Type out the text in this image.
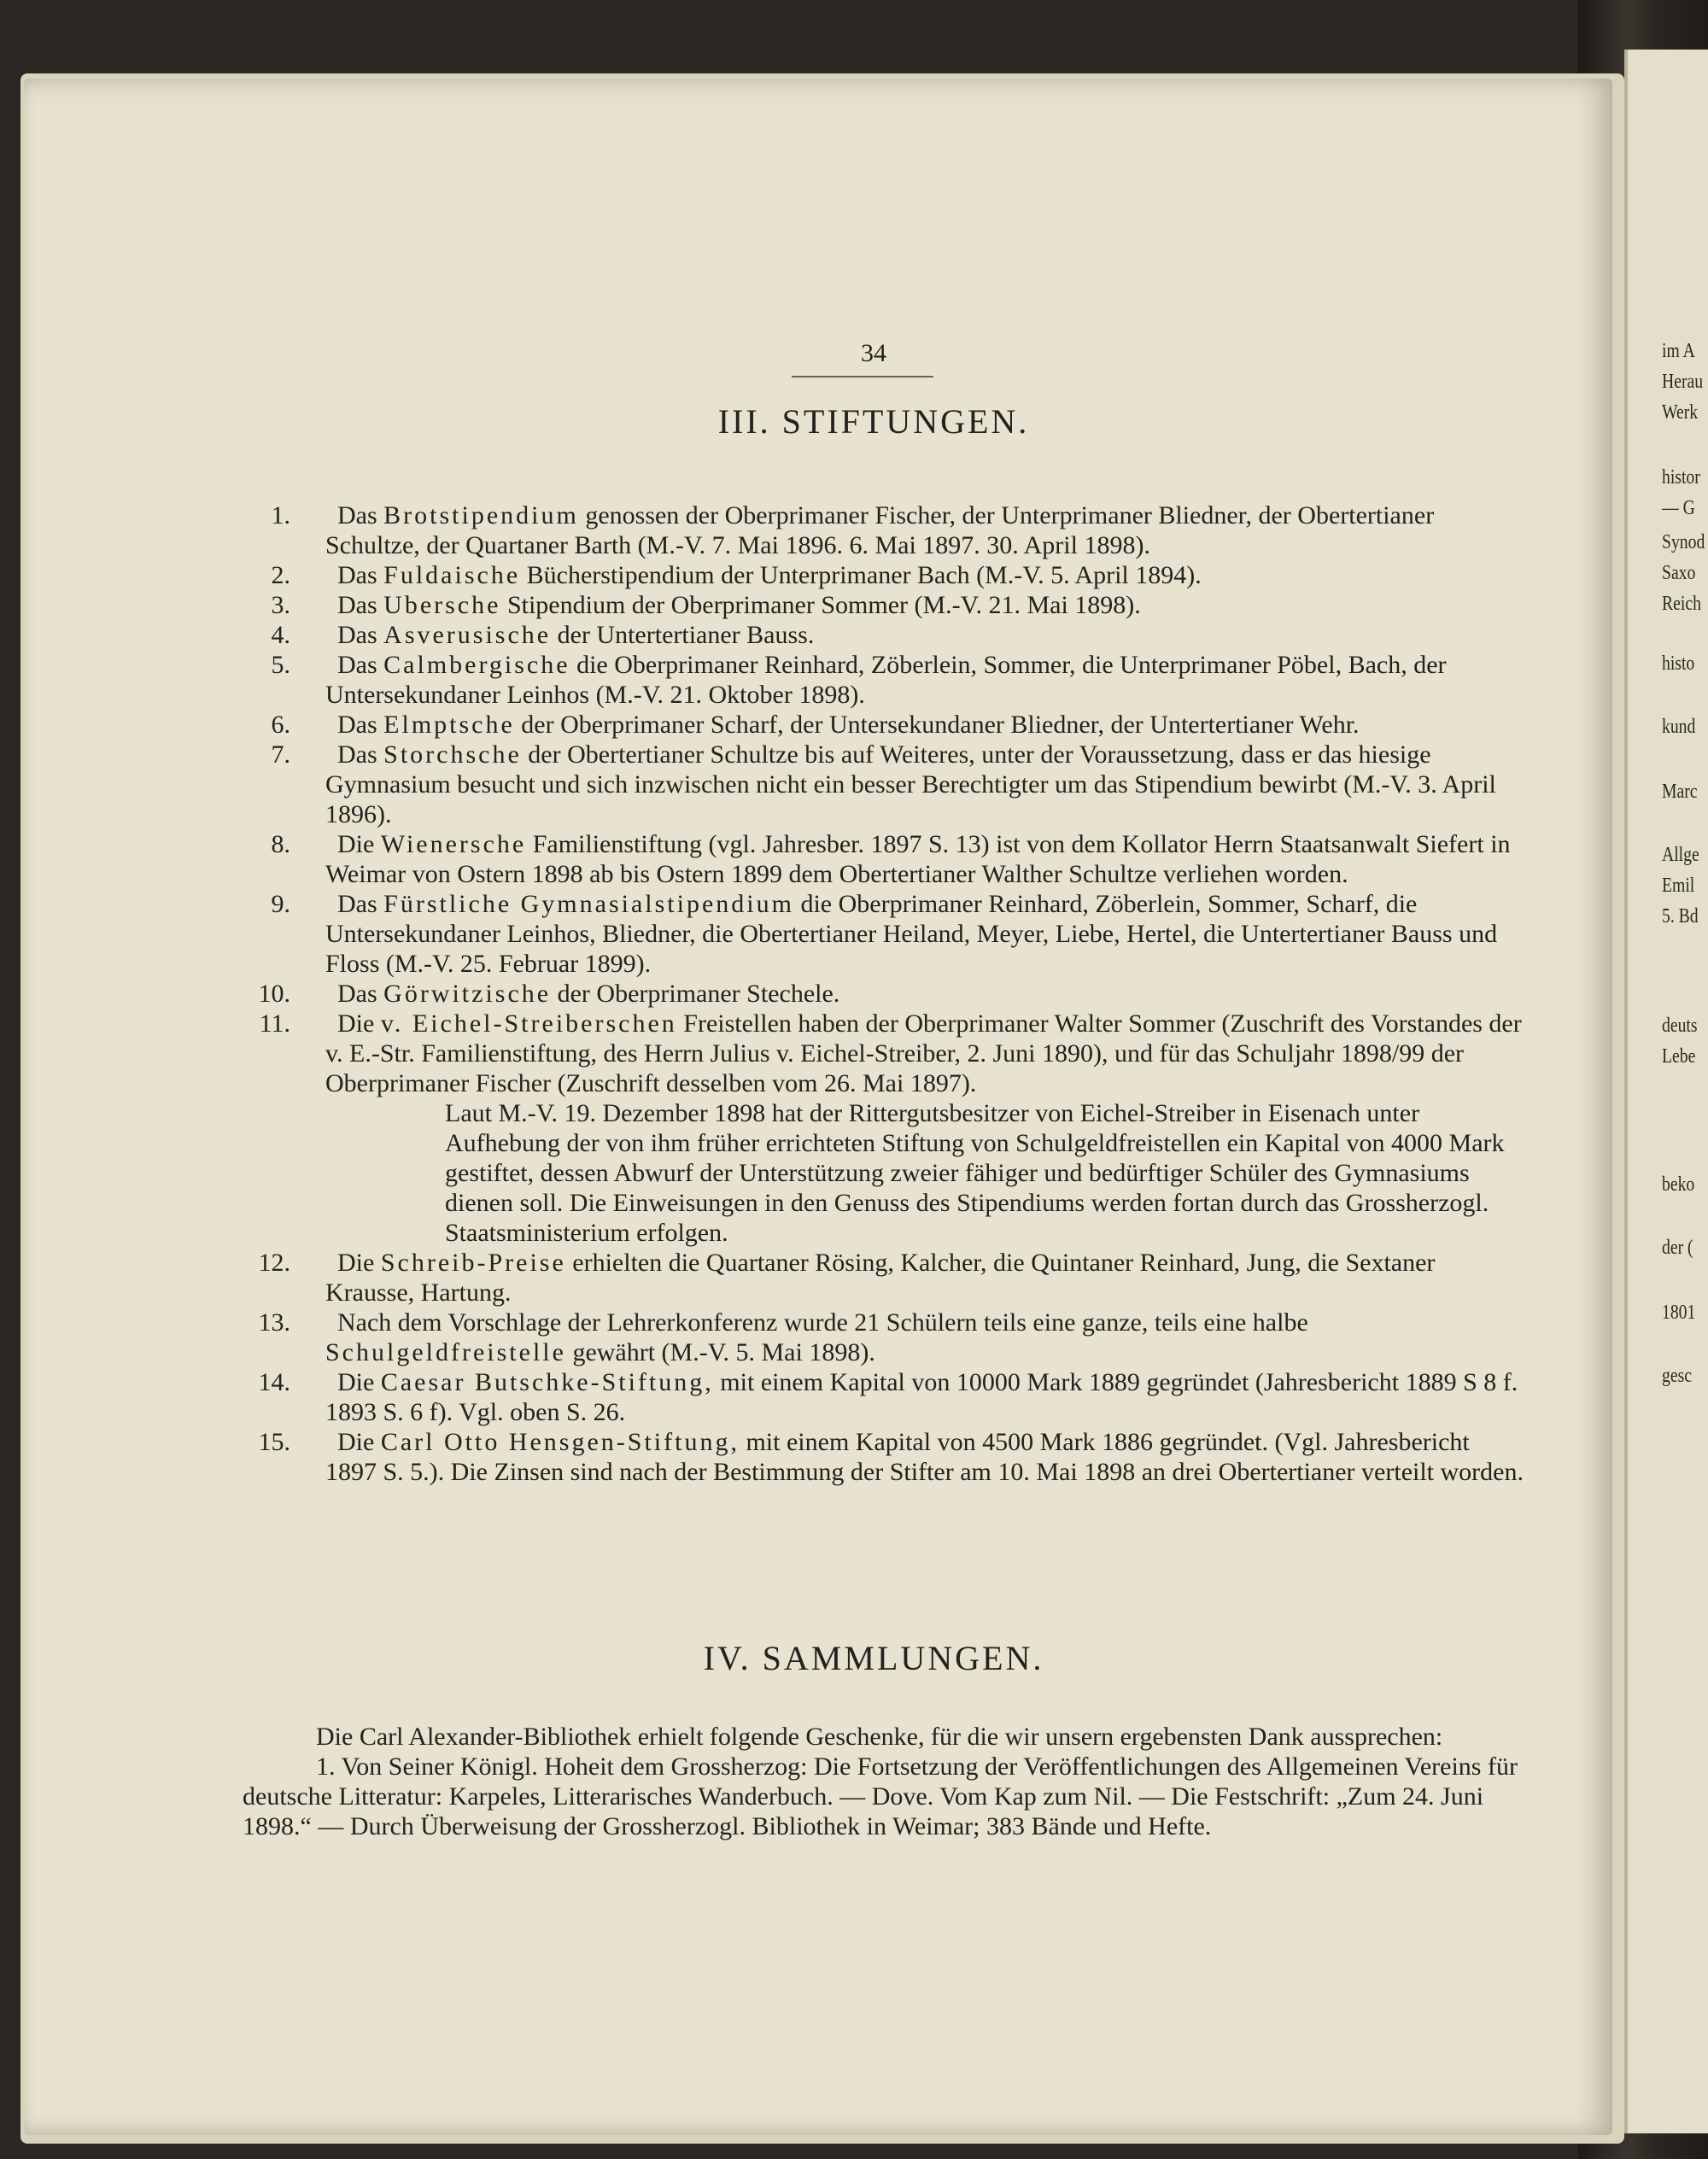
im A
Herau
Werk
histor
— G
Synod
Saxo
Reich
histo
kund
Marc
Allge
Emil
5. Bd
deuts
Lebe
beko
der (
1801
gesc
34
III. STIFTUNGEN.
1. Das Brotstipendium genossen der Oberprimaner Fischer, der Unterprimaner Bliedner, der Obertertianer Schultze, der Quartaner Barth (M.-V. 7. Mai 1896. 6. Mai 1897. 30. April 1898).
2. Das Fuldaische Bücherstipendium der Unterprimaner Bach (M.-V. 5. April 1894).
3. Das Ubersche Stipendium der Oberprimaner Sommer (M.-V. 21. Mai 1898).
4. Das Asverusische der Untertertianer Bauss.
5. Das Calmbergische die Oberprimaner Reinhard, Zöberlein, Sommer, die Unterprimaner Pöbel, Bach, der Untersekundaner Leinhos (M.-V. 21. Oktober 1898).
6. Das Elmptsche der Oberprimaner Scharf, der Untersekundaner Bliedner, der Untertertianer Wehr.
7. Das Storchsche der Obertertianer Schultze bis auf Weiteres, unter der Voraussetzung, dass er das hiesige Gymnasium besucht und sich inzwischen nicht ein besser Berechtigter um das Stipendium bewirbt (M.-V. 3. April 1896).
8. Die Wienersche Familienstiftung (vgl. Jahresber. 1897 S. 13) ist von dem Kollator Herrn Staatsanwalt Siefert in Weimar von Ostern 1898 ab bis Ostern 1899 dem Obertertianer Walther Schultze verliehen worden.
9. Das Fürstliche Gymnasialstipendium die Oberprimaner Reinhard, Zöberlein, Sommer, Scharf, die Untersekundaner Leinhos, Bliedner, die Obertertianer Heiland, Meyer, Liebe, Hertel, die Untertertianer Bauss und Floss (M.-V. 25. Februar 1899).
10. Das Görwitzische der Oberprimaner Stechele.
11. Die v. Eichel-Streiberschen Freistellen haben der Oberprimaner Walter Sommer (Zuschrift des Vorstandes der v. E.-Str. Familienstiftung, des Herrn Julius v. Eichel-Streiber, 2. Juni 1890), und für das Schuljahr 1898/99 der Oberprimaner Fischer (Zuschrift desselben vom 26. Mai 1897).
Laut M.-V. 19. Dezember 1898 hat der Rittergutsbesitzer von Eichel-Streiber in Eisenach unter Aufhebung der von ihm früher errichteten Stiftung von Schulgeldfreistellen ein Kapital von 4000 Mark gestiftet, dessen Abwurf der Unterstützung zweier fähiger und bedürftiger Schüler des Gymnasiums dienen soll. Die Einweisungen in den Genuss des Stipendiums werden fortan durch das Grossherzogl. Staatsministerium erfolgen.
12. Die Schreib-Preise erhielten die Quartaner Rösing, Kalcher, die Quintaner Reinhard, Jung, die Sextaner Krausse, Hartung.
13. Nach dem Vorschlage der Lehrerkonferenz wurde 21 Schülern teils eine ganze, teils eine halbe Schulgeldfreistelle gewährt (M.-V. 5. Mai 1898).
14. Die Caesar Butschke-Stiftung, mit einem Kapital von 10000 Mark 1889 gegründet (Jahresbericht 1889 S 8 f. 1893 S. 6 f). Vgl. oben S. 26.
15. Die Carl Otto Hensgen-Stiftung, mit einem Kapital von 4500 Mark 1886 gegründet. (Vgl. Jahresbericht 1897 S. 5.). Die Zinsen sind nach der Bestimmung der Stifter am 10. Mai 1898 an drei Obertertianer verteilt worden.
IV. SAMMLUNGEN.

Die Carl Alexander-Bibliothek erhielt folgende Geschenke, für die wir unsern ergebensten Dank aussprechen:

1. Von Seiner Königl. Hoheit dem Grossherzog: Die Fortsetzung der Veröffentlichungen des Allgemeinen Vereins für deutsche Litteratur: Karpeles, Litterarisches Wanderbuch. — Dove. Vom Kap zum Nil. — Die Festschrift: „Zum 24. Juni 1898.“ — Durch Überweisung der Grossherzogl. Bibliothek in Weimar; 383 Bände und Hefte.
